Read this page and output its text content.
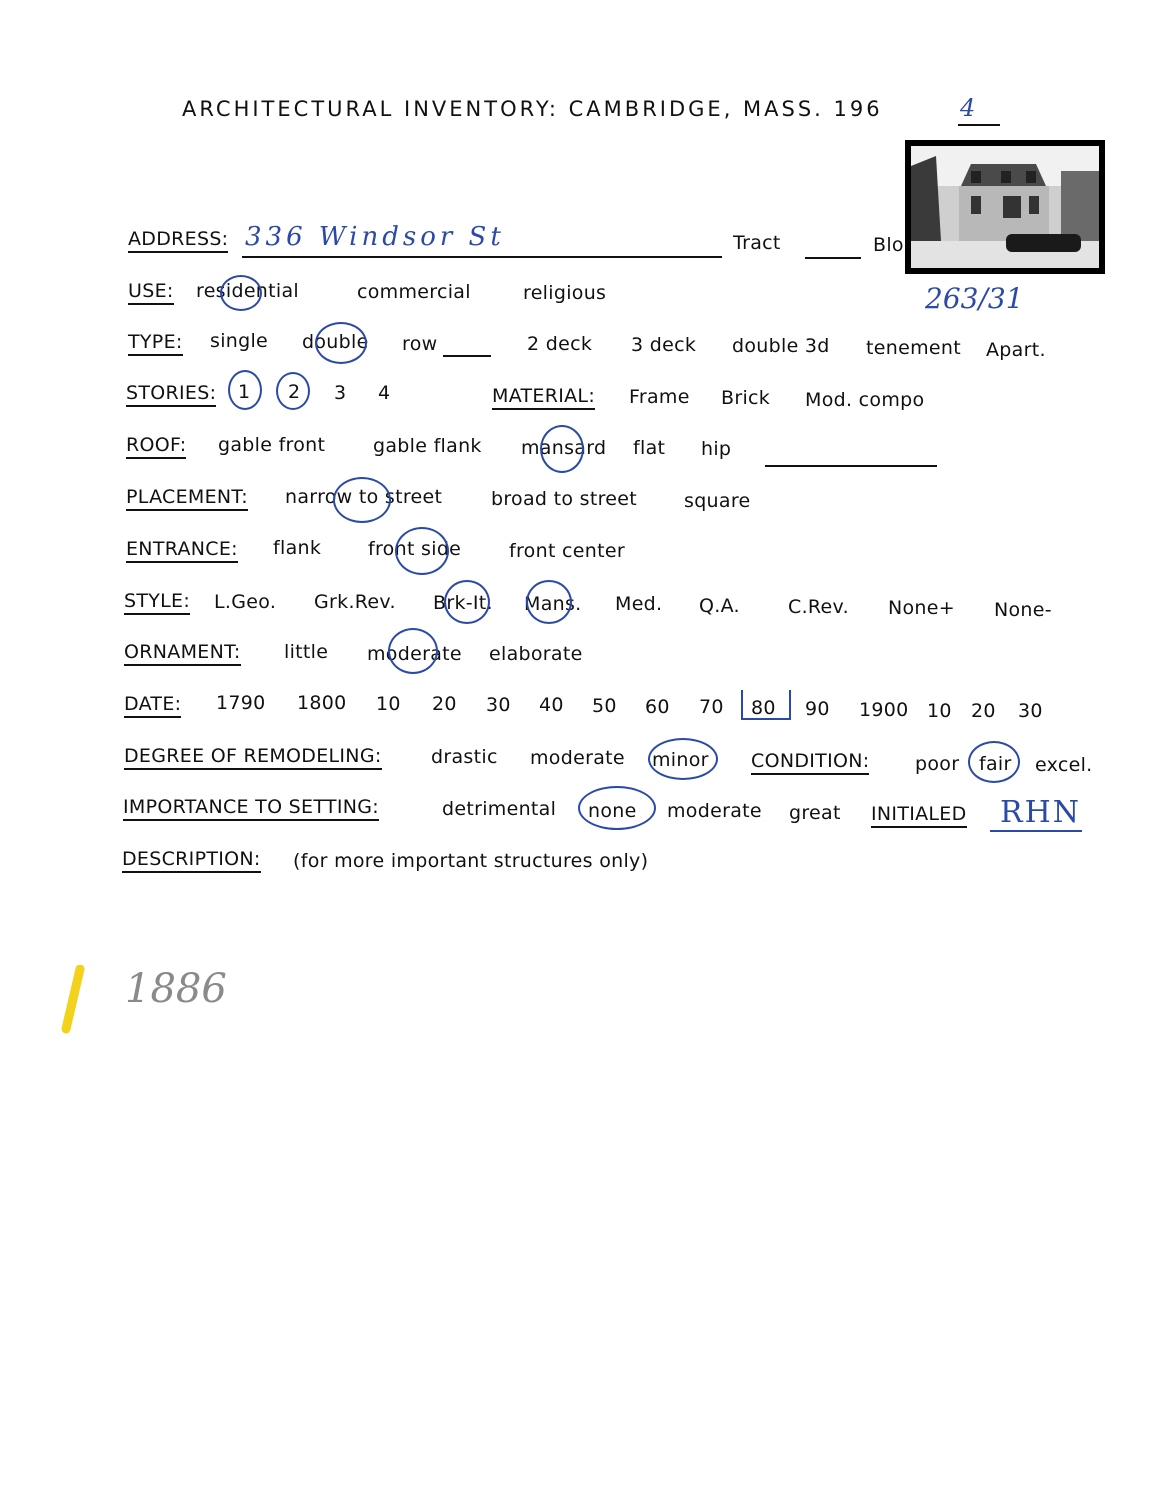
ARCHITECTURAL INVENTORY: CAMBRIDGE, MASS. 196	4
ADDRESS: 336 Windsor St	Tract	Blo
263/31
USE: residential	commercial	religious
TYPE: single double row	2 deck 3 deck double 3d tenement Apart.
STORIES: 1 2 3 4	MATERIAL: Frame Brick Mod. compo
ROOF: gable front	gable flank mansard flat hip
PLACEMENT: narrow to street	broad to street square
ENTRANCE: flank front side	front center
STYLE: L.Geo. Grk.Rev. Brk-It. Mans. Med. Q.A.	C.Rev. None+ None-
ORNAMENT: little moderate elaborate
DATE: 1790 1800 10 20 30 40 50 60 70 80 90 1900 10 20 30
DEGREE OF REMODELING:	drastic moderate minor CONDITION: poor fair excel.
IMPORTANCE TO SETTING:	detrimental none moderate great INITIALED RHN
DESCRIPTION: (for more important structures only)
1886
